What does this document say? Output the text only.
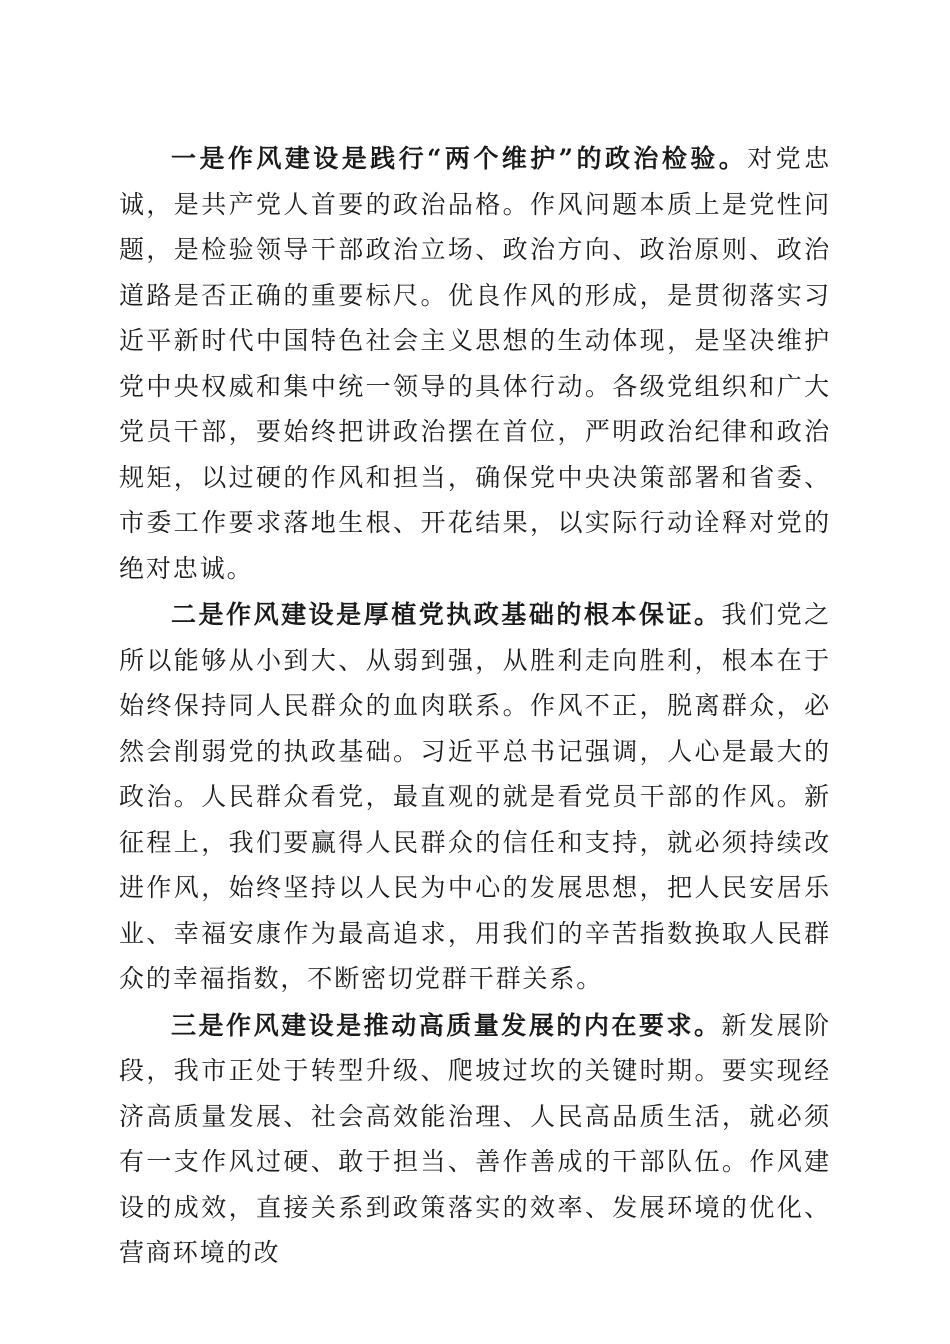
一是作风建设是践行“两个维护”的政治检验。对党忠诚，是共产党人首要的政治品格。作风问题本质上是党性问题，是检验领导干部政治立场、政治方向、政治原则、政治道路是否正确的重要标尺。优良作风的形成，是贯彻落实习近平新时代中国特色社会主义思想的生动体现，是坚决维护党中央权威和集中统一领导的具体行动。各级党组织和广大党员干部，要始终把讲政治摆在首位，严明政治纪律和政治规矩，以过硬的作风和担当，确保党中央决策部署和省委、市委工作要求落地生根、开花结果，以实际行动诠释对党的绝对忠诚。

二是作风建设是厚植党执政基础的根本保证。我们党之所以能够从小到大、从弱到强，从胜利走向胜利，根本在于始终保持同人民群众的血肉联系。作风不正，脱离群众，必然会削弱党的执政基础。习近平总书记强调，人心是最大的政治。人民群众看党，最直观的就是看党员干部的作风。新征程上，我们要赢得人民群众的信任和支持，就必须持续改进作风，始终坚持以人民为中心的发展思想，把人民安居乐业、幸福安康作为最高追求，用我们的辛苦指数换取人民群众的幸福指数，不断密切党群干群关系。

三是作风建设是推动高质量发展的内在要求。新发展阶段，我市正处于转型升级、爬坡过坎的关键时期。要实现经济高质量发展、社会高效能治理、人民高品质生活，就必须有一支作风过硬、敢于担当、善作善成的干部队伍。作风建设的成效，直接关系到政策落实的效率、发展环境的优化、营商环境的改
